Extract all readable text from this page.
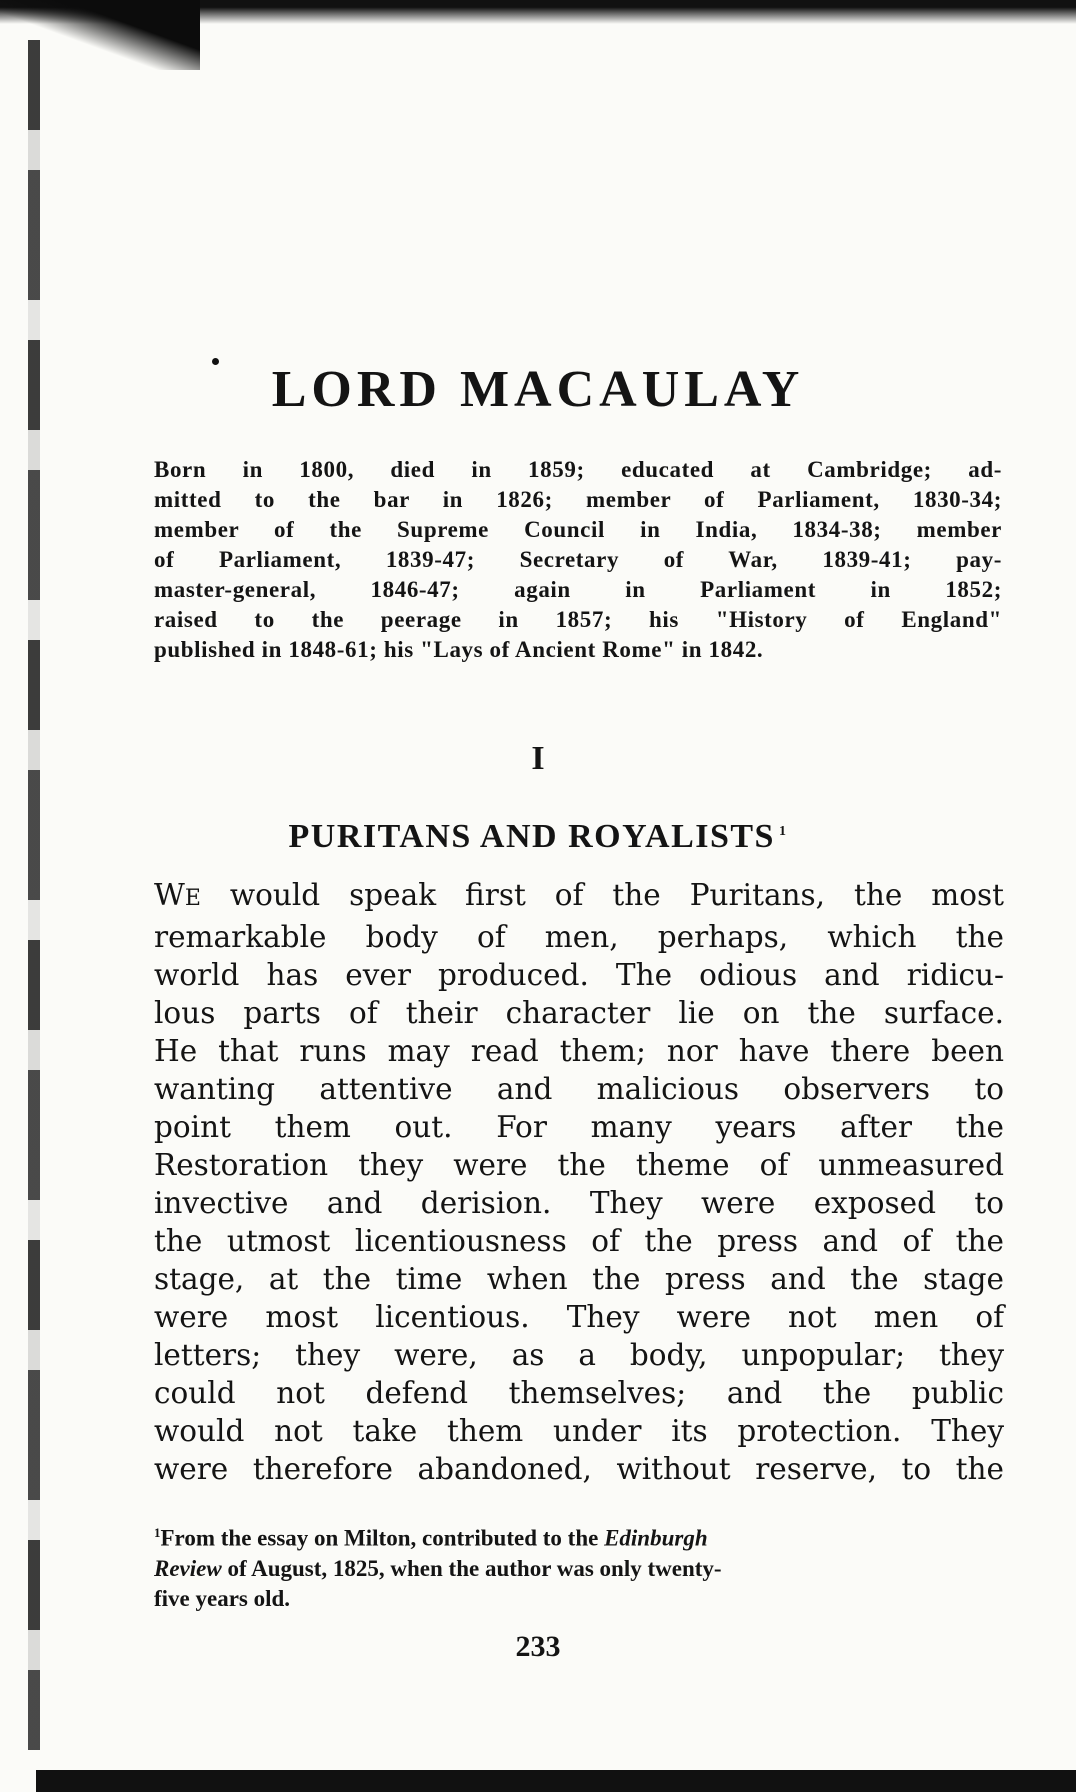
LORD MACAULAY

Born in 1800, died in 1859; educated at Cambridge; ad-
mitted to the bar in 1826; member of Parliament, 1830-34;
member of the Supreme Council in India, 1834-38; member
of Parliament, 1839-47; Secretary of War, 1839-41; pay-
master-general, 1846-47; again in Parliament in 1852;
raised to the peerage in 1857; his "History of England"
published in 1848-61; his "Lays of Ancient Rome" in 1842.

I
PURITANS AND ROYALISTS $^1$
WE would speak first of the Puritans, the most
remarkable body of men, perhaps, which the
world has ever produced. The odious and ridicu-
lous parts of their character lie on the surface.
He that runs may read them; nor have there been
wanting attentive and malicious observers to
point them out. For many years after the
Restoration they were the theme of unmeasured
invective and derision. They were exposed to
the utmost licentiousness of the press and of the
stage, at the time when the press and the stage
were most licentious. They were not men of
letters; they were, as a body, unpopular; they
could not defend themselves; and the public
would not take them under its protection. They
were therefore abandoned, without reserve, to the
$^1$From the essay on Milton, contributed to the Edinburgh
Review of August, 1825, when the author was only twenty-
five years old.
233
